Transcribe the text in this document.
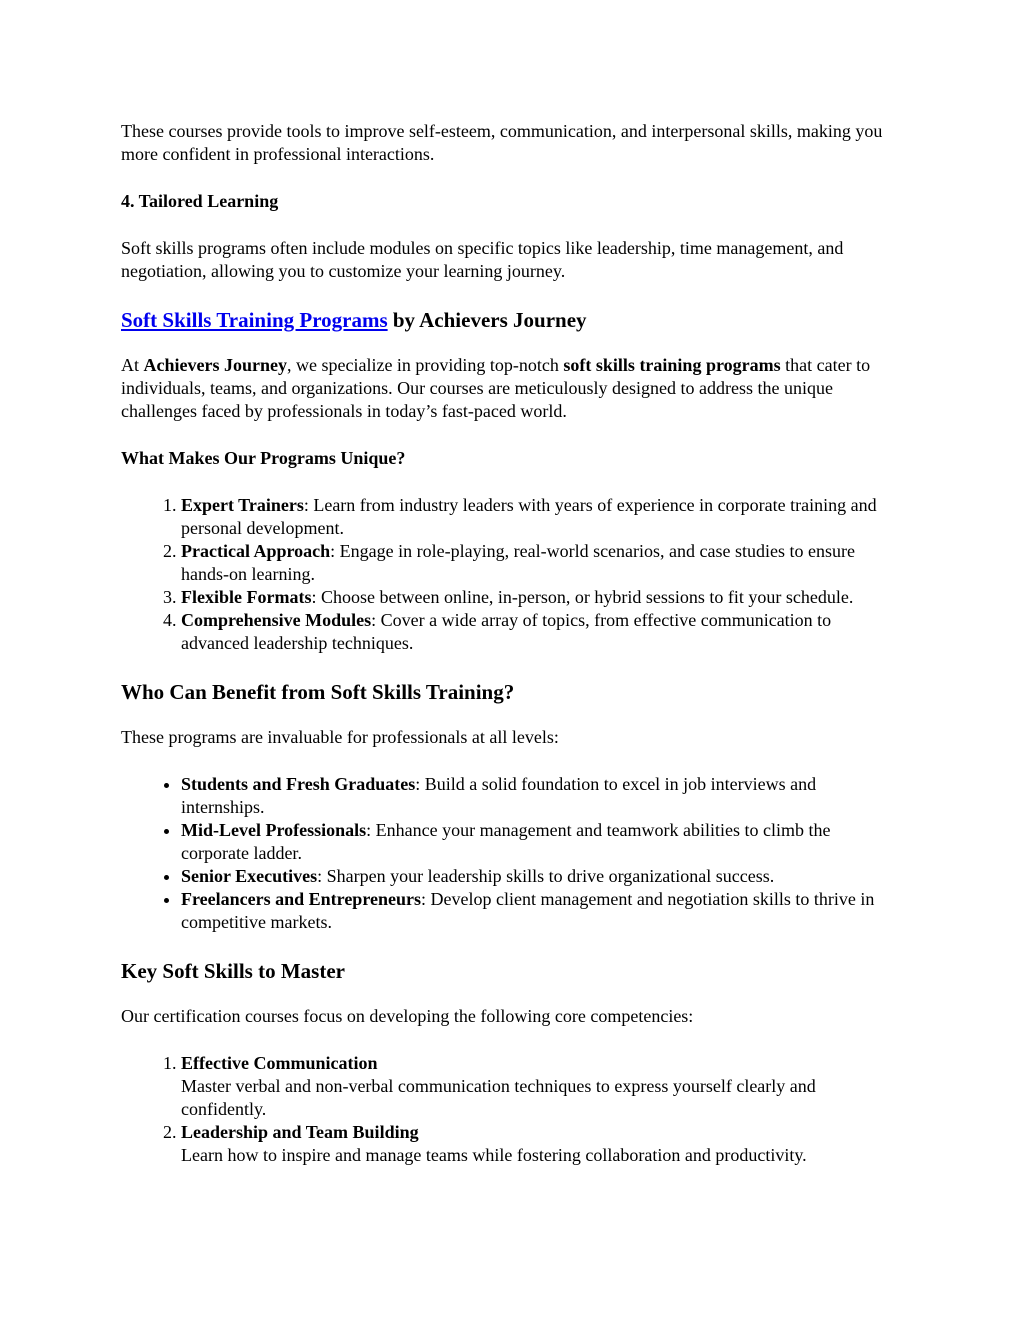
These courses provide tools to improve self-esteem, communication, and interpersonal skills, making you more confident in professional interactions.

4. Tailored Learning

Soft skills programs often include modules on specific topics like leadership, time management, and negotiation, allowing you to customize your learning journey.

Soft Skills Training Programs by Achievers Journey

At Achievers Journey, we specialize in providing top-notch soft skills training programs that cater to individuals, teams, and organizations. Our courses are meticulously designed to address the unique challenges faced by professionals in today’s fast-paced world.

What Makes Our Programs Unique?
1. Expert Trainers: Learn from industry leaders with years of experience in corporate training and personal development.
2. Practical Approach: Engage in role-playing, real-world scenarios, and case studies to ensure hands-on learning.
3. Flexible Formats: Choose between online, in-person, or hybrid sessions to fit your schedule.
4. Comprehensive Modules: Cover a wide array of topics, from effective communication to advanced leadership techniques.
Who Can Benefit from Soft Skills Training?

These programs are invaluable for professionals at all levels:

• Students and Fresh Graduates: Build a solid foundation to excel in job interviews and internships.
• Mid-Level Professionals: Enhance your management and teamwork abilities to climb the corporate ladder.
• Senior Executives: Sharpen your leadership skills to drive organizational success.
• Freelancers and Entrepreneurs: Develop client management and negotiation skills to thrive in competitive markets.
Key Soft Skills to Master

Our certification courses focus on developing the following core competencies:

1. Effective Communication
Master verbal and non-verbal communication techniques to express yourself clearly and confidently.
2. Leadership and Team Building
Learn how to inspire and manage teams while fostering collaboration and productivity.
